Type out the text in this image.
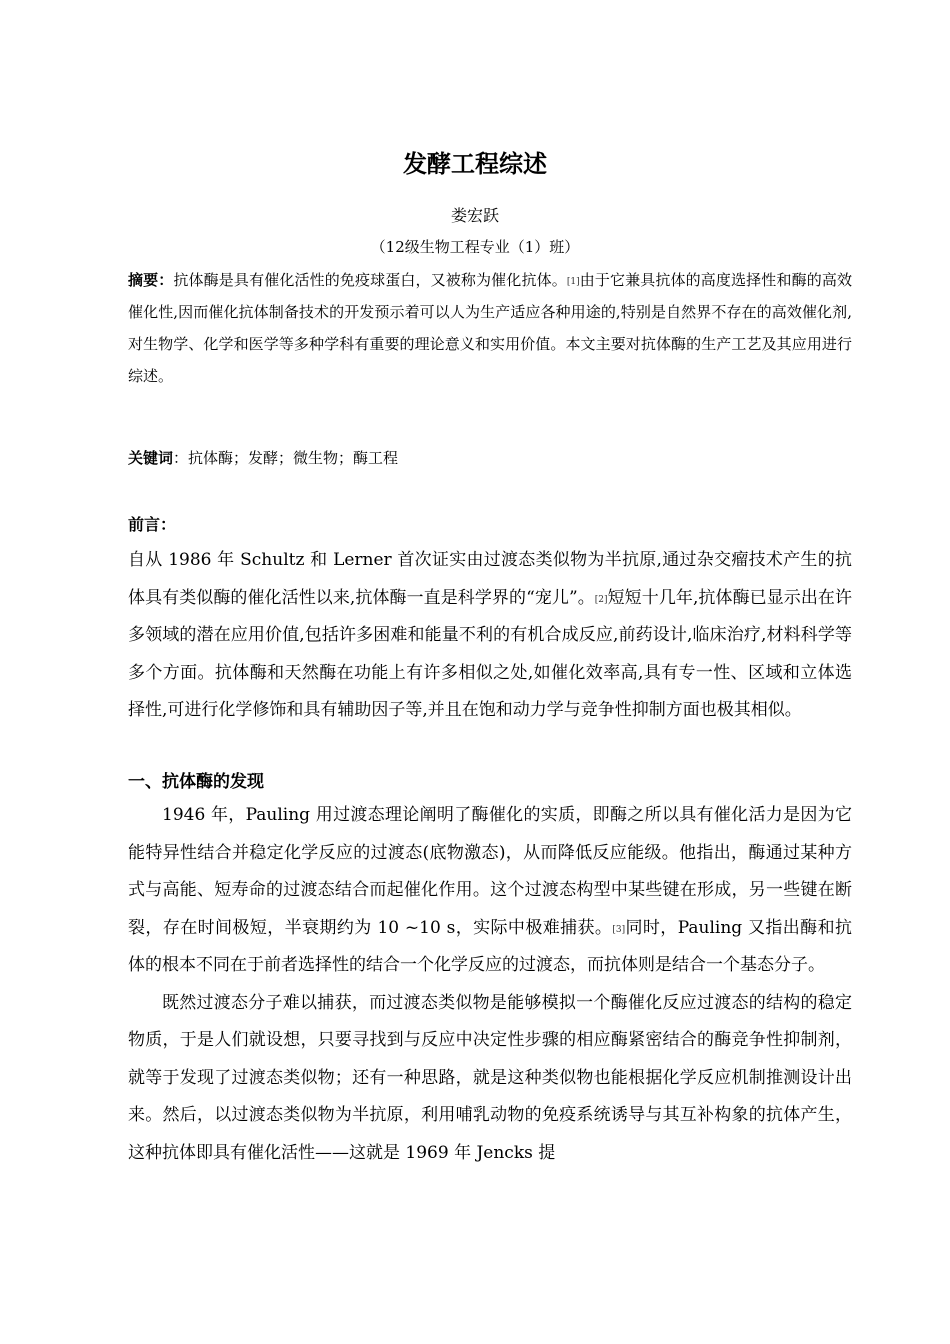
发酵工程综述
娄宏跃
（12级生物工程专业（1）班）
摘要：抗体酶是具有催化活性的免疫球蛋白，又被称为催化抗体。[1]由于它兼具抗体的高度选择性和酶的高效催化性,因而催化抗体制备技术的开发预示着可以人为生产适应各种用途的,特别是自然界不存在的高效催化剂,对生物学、化学和医学等多种学科有重要的理论意义和实用价值。本文主要对抗体酶的生产工艺及其应用进行综述。
关键词：抗体酶；发酵；微生物；酶工程
前言：
自从 1986 年 Schultz 和 Lerner 首次证实由过渡态类似物为半抗原,通过杂交瘤技术产生的抗体具有类似酶的催化活性以来,抗体酶一直是科学界的“宠儿”。[2]短短十几年,抗体酶已显示出在许多领域的潜在应用价值,包括许多困难和能量不利的有机合成反应,前药设计,临床治疗,材料科学等多个方面。抗体酶和天然酶在功能上有许多相似之处,如催化效率高,具有专一性、区域和立体选择性,可进行化学修饰和具有辅助因子等,并且在饱和动力学与竞争性抑制方面也极其相似。
一、抗体酶的发现

1946 年，Pauling 用过渡态理论阐明了酶催化的实质，即酶之所以具有催化活力是因为它能特异性结合并稳定化学反应的过渡态(底物激态)，从而降低反应能级。他指出，酶通过某种方式与高能、短寿命的过渡态结合而起催化作用。这个过渡态构型中某些键在形成，另一些键在断裂，存在时间极短，半衰期约为 10 ~10 s，实际中极难捕获。[3]同时，Pauling 又指出酶和抗体的根本不同在于前者选择性的结合一个化学反应的过渡态，而抗体则是结合一个基态分子。

既然过渡态分子难以捕获，而过渡态类似物是能够模拟一个酶催化反应过渡态的结构的稳定物质，于是人们就设想，只要寻找到与反应中决定性步骤的相应酶紧密结合的酶竞争性抑制剂，就等于发现了过渡态类似物；还有一种思路，就是这种类似物也能根据化学反应机制推测设计出来。然后，以过渡态类似物为半抗原，利用哺乳动物的免疫系统诱导与其互补构象的抗体产生，这种抗体即具有催化活性——这就是 1969 年 Jencks 提
